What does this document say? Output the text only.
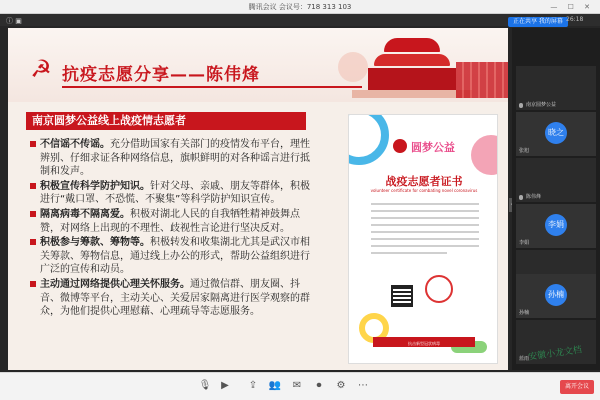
腾讯会议 会议号：718 313 103	— ☐ ✕
ⓘ ▣	正在共享 我的屏幕 26:18
☭ 抗疫志愿分享——陈伟烽
南京圆梦公益线上战疫情志愿者
不信谣不传谣。充分借助国家有关部门的疫情发布平台，理性辨别、仔细求证各种网络信息，旗帜鲜明的对各种谣言进行抵制和发声。
积极宣传科学防护知识。针对父母、亲戚、朋友等群体，积极进行“戴口罩、不恐慌、不聚集”等科学防护知识宣传。
隔离病毒不隔离爱。积极对湖北人民的自我牺牲精神鼓舞点赞，对网络上出现的不理性、歧视性言论进行坚决反对。
积极参与筹款、筹物等。积极转发和收集湖北尤其是武汉市相关筹款、筹物信息，通过线上办公的形式，帮助公益组织进行广泛的宣传和动员。
主动通过网络提供心理关怀服务。通过微信群、朋友圈、抖音、微博等平台，主动关心、关爱居家隔离进行医学观察的群众，为他们提供心理慰藉、心理疏导等志愿服务。
圆梦公益
战疫志愿者证书
volunteer certificate for combating novel coronavirus
抗击新型冠状病毒
南京圆梦公益
晓之
张旭
陈伟烽
李娟
李娟
孙楠
孙楠
蓝雨
安徽小龙文档
🎙 ▶	⇪ 👥 ✉	⏺	⚙ ⋯	离开会议
